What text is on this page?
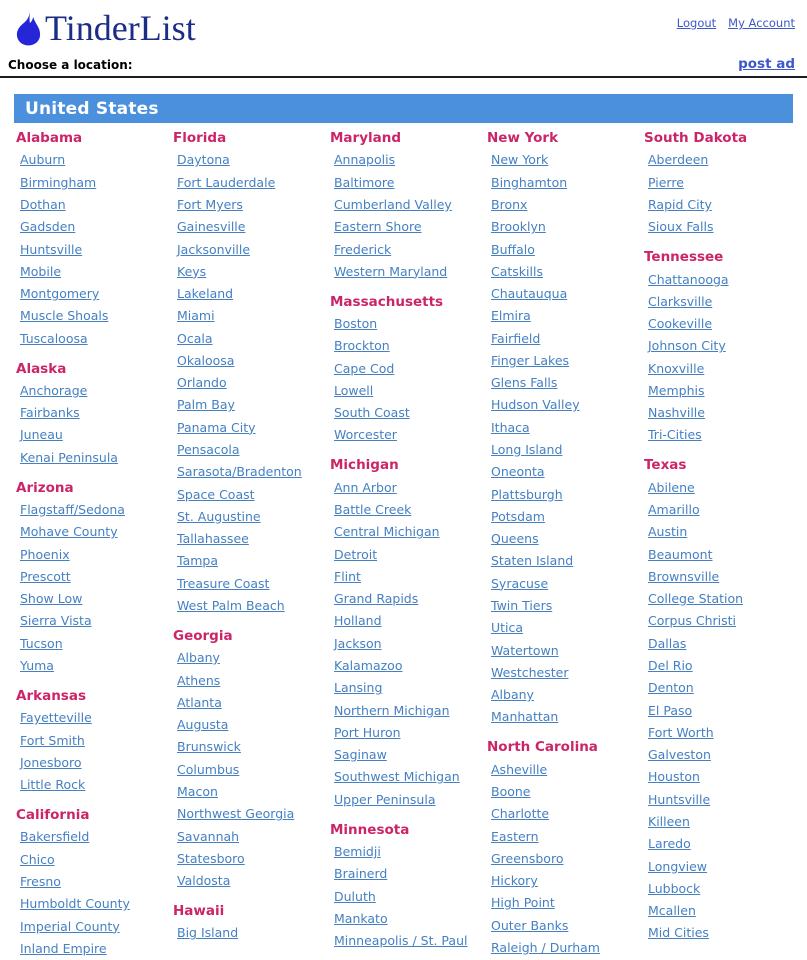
TinderList	Logout My Account
Choose a location:	post ad
United States
Alabama
Auburn
Birmingham
Dothan
Gadsden
Huntsville
Mobile
Montgomery
Muscle Shoals
Tuscaloosa
Alaska
Anchorage
Fairbanks
Juneau
Kenai Peninsula
Arizona
Flagstaff/Sedona
Mohave County
Phoenix
Prescott
Show Low
Sierra Vista
Tucson
Yuma
Arkansas
Fayetteville
Fort Smith
Jonesboro
Little Rock
California
Bakersfield
Chico
Fresno
Humboldt County
Imperial County
Inland Empire
Florida
Daytona
Fort Lauderdale
Fort Myers
Gainesville
Jacksonville
Keys
Lakeland
Miami
Ocala
Okaloosa
Orlando
Palm Bay
Panama City
Pensacola
Sarasota/Bradenton
Space Coast
St. Augustine
Tallahassee
Tampa
Treasure Coast
West Palm Beach
Georgia
Albany
Athens
Atlanta
Augusta
Brunswick
Columbus
Macon
Northwest Georgia
Savannah
Statesboro
Valdosta
Hawaii
Big Island
Maryland
Annapolis
Baltimore
Cumberland Valley
Eastern Shore
Frederick
Western Maryland
Massachusetts
Boston
Brockton
Cape Cod
Lowell
South Coast
Worcester
Michigan
Ann Arbor
Battle Creek
Central Michigan
Detroit
Flint
Grand Rapids
Holland
Jackson
Kalamazoo
Lansing
Northern Michigan
Port Huron
Saginaw
Southwest Michigan
Upper Peninsula
Minnesota
Bemidji
Brainerd
Duluth
Mankato
Minneapolis / St. Paul
New York
New York
Binghamton
Bronx
Brooklyn
Buffalo
Catskills
Chautauqua
Elmira
Fairfield
Finger Lakes
Glens Falls
Hudson Valley
Ithaca
Long Island
Oneonta
Plattsburgh
Potsdam
Queens
Staten Island
Syracuse
Twin Tiers
Utica
Watertown
Westchester
Albany
Manhattan
North Carolina
Asheville
Boone
Charlotte
Eastern
Greensboro
Hickory
High Point
Outer Banks
Raleigh / Durham
South Dakota
Aberdeen
Pierre
Rapid City
Sioux Falls
Tennessee
Chattanooga
Clarksville
Cookeville
Johnson City
Knoxville
Memphis
Nashville
Tri-Cities
Texas
Abilene
Amarillo
Austin
Beaumont
Brownsville
College Station
Corpus Christi
Dallas
Del Rio
Denton
El Paso
Fort Worth
Galveston
Houston
Huntsville
Killeen
Laredo
Longview
Lubbock
Mcallen
Mid Cities
